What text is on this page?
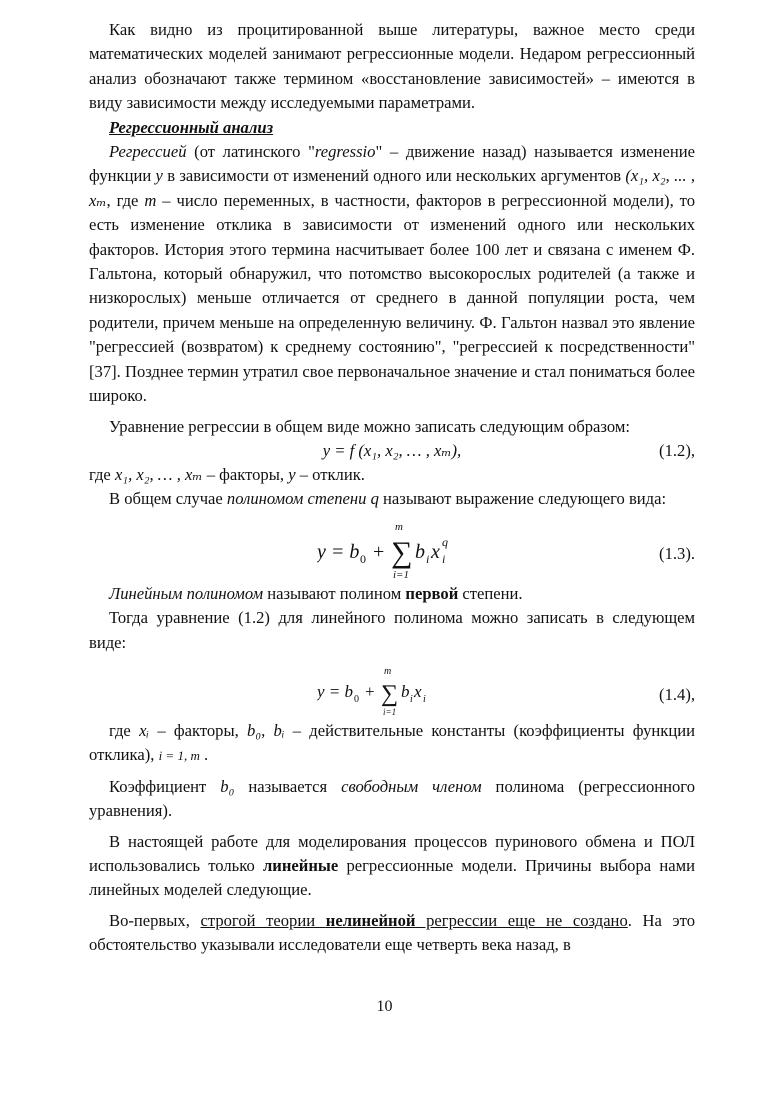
Как видно из процитированной выше литературы, важное место среди математических моделей занимают регрессионные модели. Недаром регрессионный анализ обозначают также термином «восстановление зависимостей» – имеются в виду зависимости между исследуемыми параметрами.

Регрессионный анализ

Регрессией (от латинского "regressio" – движение назад) называется изменение функции y в зависимости от изменений одного или нескольких аргументов (x₁, x₂, ... , xₘ, где m – число переменных, в частности, факторов в регрессионной модели), то есть изменение отклика в зависимости от изменений одного или нескольких факторов. История этого термина насчитывает более 100 лет и связана с именем Ф. Гальтона, который обнаружил, что потомство высокорослых родителей (а также и низкорослых) меньше отличается от среднего в данной популяции роста, чем родители, причем меньше на определенную величину. Ф. Гальтон назвал это явление "регрессией (возвратом) к среднему состоянию", "регрессией к посредственности" [37]. Позднее термин утратил свое первоначальное значение и стал пониматься более широко.

Уравнение регрессии в общем виде можно записать следующим образом:

y = f (x₁, x₂, … , xₘ),	(1.2),

где x₁, x₂, … , xₘ – факторы, y – отклик.

В общем случае полиномом степени q называют выражение следующего вида:

y = b 0 +
m
∑
i=1
b i x i
q
(1.3).

Линейным полиномом называют полином первой степени.

Тогда уравнение (1.2) для линейного полинома можно записать в следующем виде:

y = b 0 +
m
∑
i=1
b i x i	(1.4),

где xᵢ – факторы, b₀, bᵢ – действительные константы (коэффициенты функции отклика), i = 1, m .

Коэффициент b₀ называется свободным членом полинома (регрессионного уравнения).

В настоящей работе для моделирования процессов пуринового обмена и ПОЛ использовались только линейные регрессионные модели. Причины выбора нами линейных моделей следующие.

Во-первых, строгой теории нелинейной регрессии еще не создано. На это обстоятельство указывали исследователи еще четверть века назад, в

10
